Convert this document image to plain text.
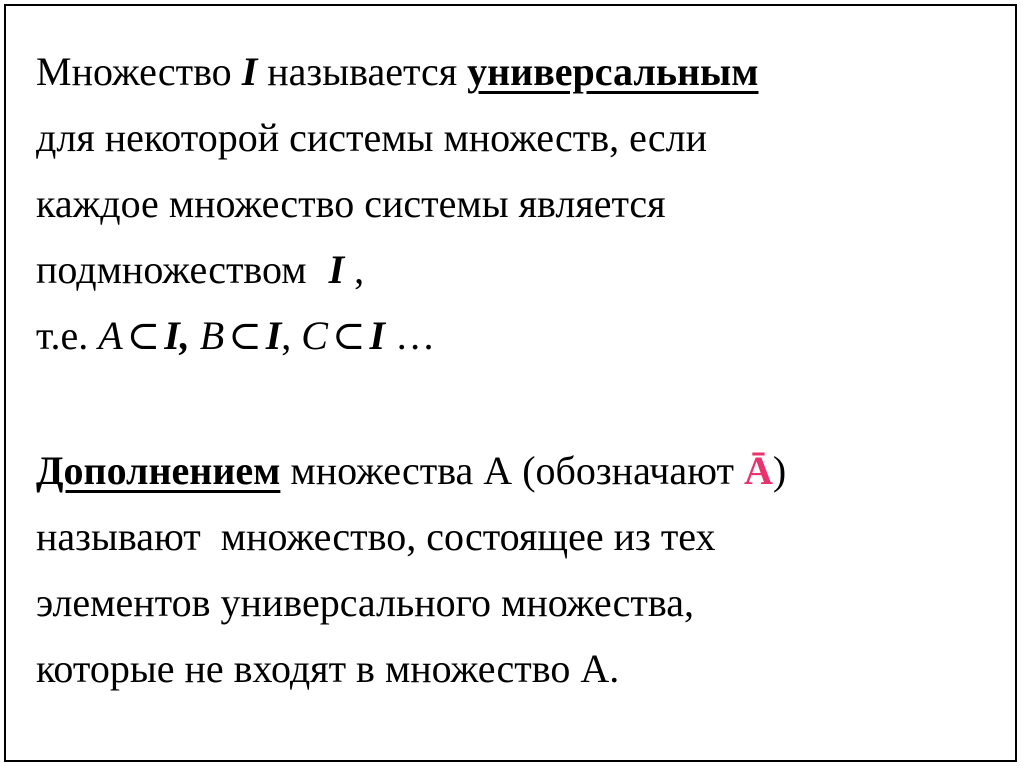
Множество I называется универсальным
для некоторой системы множеств, если
каждое множество системы является
подмножеством I ,
т.е. A ⊂ I, B ⊂ I, C ⊂ I …
Дополнением множества А (обозначают Ā)
называют  множество, состоящее из тех
элементов универсального множества,
которые не входят в множество А.
